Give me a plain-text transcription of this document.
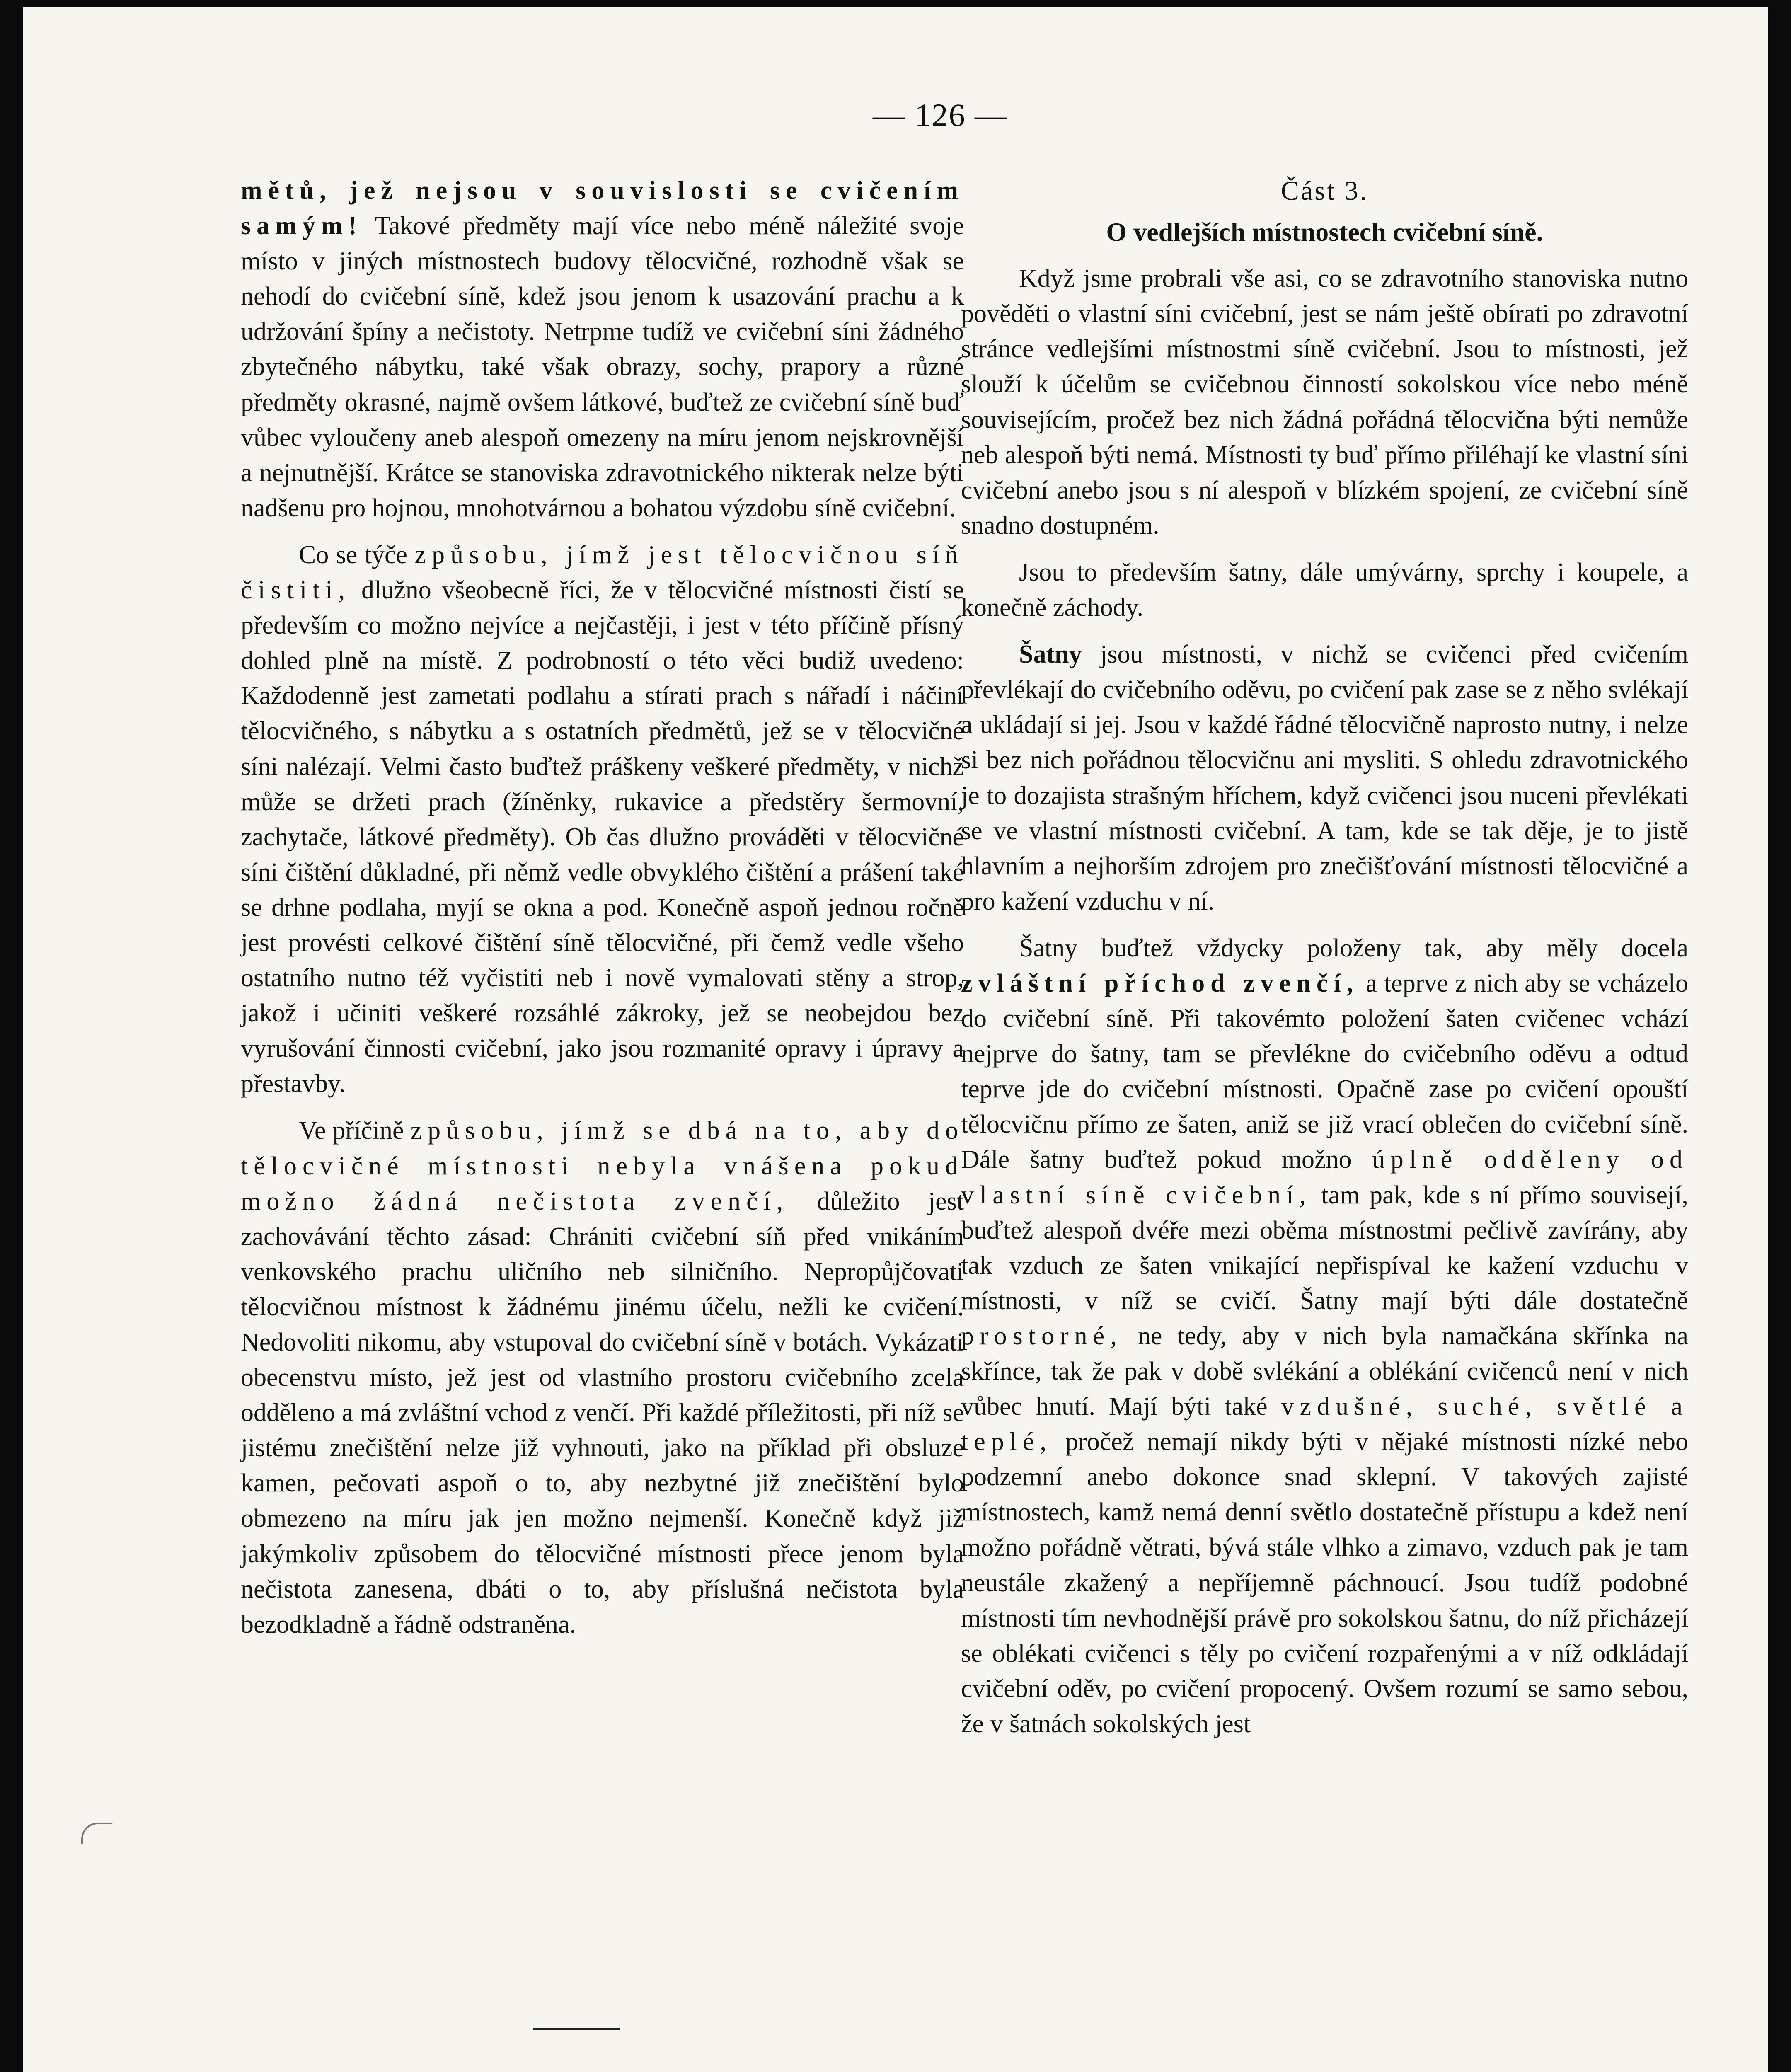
— 126 —

mětů, jež nejsou v souvislosti se cvičením samým! Takové předměty mají více nebo méně náležité svoje místo v jiných místnostech budovy tělocvičné, rozhodně však se nehodí do cvičební síně, kdež jsou jenom k usazování prachu a k udržování špíny a nečistoty. Netrpme tudíž ve cvičební síni žádného zbytečného nábytku, také však obrazy, sochy, prapory a různé předměty okrasné, najmě ovšem látkové, buďtež ze cvičební síně buď vůbec vyloučeny aneb alespoň omezeny na míru jenom nejskrovnější a nejnutnější. Krátce se stanoviska zdravotnického nikterak nelze býti nadšenu pro hojnou, mnohotvárnou a bohatou výzdobu síně cvičební.

Co se týče způsobu, jímž jest tělocvičnou síň čistiti, dlužno všeobecně říci, že v tělocvičné místnosti čistí se především co možno nejvíce a nejčastěji, i jest v této příčině přísný dohled plně na místě. Z podrobností o této věci budiž uvedeno: Každodenně jest zametati podlahu a stírati prach s nářadí i náčiní tělocvičného, s nábytku a s ostatních předmětů, jež se v tělocvičné síni nalézají. Velmi často buďtež práškeny veškeré předměty, v nichž může se držeti prach (žíněnky, rukavice a předstěry šermovní, zachytače, látkové předměty). Ob čas dlužno prováděti v tělocvičné síni čištění důkladné, při němž vedle obvyklého čištění a prášení také se drhne podlaha, myjí se okna a pod. Konečně aspoň jednou ročně jest provésti celkové čištění síně tělocvičné, při čemž vedle všeho ostatního nutno též vyčistiti neb i nově vymalovati stěny a strop, jakož i učiniti veškeré rozsáhlé zákroky, jež se neobejdou bez vyrušování činnosti cvičební, jako jsou rozmanité opravy i úpravy a přestavby.

Ve příčině způsobu, jímž se dbá na to, aby do tělocvičné místnosti nebyla vnášena pokud možno žádná nečistota zvenčí, důležito jest zachovávání těchto zásad: Chrániti cvičební síň před vnikáním venkovského prachu uličního neb silničního. Nepropůjčovati tělocvičnou místnost k žádnému jinému účelu, nežli ke cvičení. Nedovoliti nikomu, aby vstupoval do cvičební síně v botách. Vykázati obecenstvu místo, jež jest od vlastního prostoru cvičebního zcela odděleno a má zvláštní vchod z venčí. Při každé příležitosti, při níž se jistému znečištění nelze již vyhnouti, jako na příklad při obsluze kamen, pečovati aspoň o to, aby nezbytné již znečištění bylo obmezeno na míru jak jen možno nejmenší. Konečně když již jakýmkoliv způsobem do tělocvičné místnosti přece jenom byla nečistota zanesena, dbáti o to, aby příslušná nečistota byla bezodkladně a řádně odstraněna.

Část 3.
O vedlejších místnostech cvičební síně.

Když jsme probrali vše asi, co se zdravotního stanoviska nutno pověděti o vlastní síni cvičební, jest se nám ještě obírati po zdravotní stránce vedlejšími místnostmi síně cvičební. Jsou to místnosti, jež slouží k účelům se cvičebnou činností sokolskou více nebo méně souvisejícím, pročež bez nich žádná pořádná tělocvična býti nemůže neb alespoň býti nemá. Místnosti ty buď přímo přiléhají ke vlastní síni cvičební anebo jsou s ní alespoň v blízkém spojení, ze cvičební síně snadno dostupném.

Jsou to především šatny, dále umývárny, sprchy i koupele, a konečně záchody.

Šatny jsou místnosti, v nichž se cvičenci před cvičením převlékají do cvičebního oděvu, po cvičení pak zase se z něho svlékají a ukládají si jej. Jsou v každé řádné tělocvičně naprosto nutny, i nelze si bez nich pořádnou tělocvičnu ani mysliti. S ohledu zdravotnického je to dozajista strašným hříchem, když cvičenci jsou nuceni převlékati se ve vlastní místnosti cvičební. A tam, kde se tak děje, je to jistě hlavním a nejhorším zdrojem pro znečišťování místnosti tělocvičné a pro kažení vzduchu v ní.

Šatny buďtež vždycky položeny tak, aby měly docela zvláštní příchod zvenčí, a teprve z nich aby se vcházelo do cvičební síně. Při takovémto položení šaten cvičenec vchází nejprve do šatny, tam se převlékne do cvičebního oděvu a odtud teprve jde do cvičební místnosti. Opačně zase po cvičení opouští tělocvičnu přímo ze šaten, aniž se již vrací oblečen do cvičební síně. Dále šatny buďtež pokud možno úplně odděleny od vlastní síně cvičební, tam pak, kde s ní přímo souvisejí, buďtež alespoň dvéře mezi oběma místnostmi pečlivě zavírány, aby tak vzduch ze šaten vnikající nepřispíval ke kažení vzduchu v místnosti, v níž se cvičí. Šatny mají býti dále dostatečně prostorné, ne tedy, aby v nich byla namačkána skřínka na skřínce, tak že pak v době svlékání a oblékání cvičenců není v nich vůbec hnutí. Mají býti také vzdušné, suché, světlé a teplé, pročež nemají nikdy býti v nějaké místnosti nízké nebo podzemní anebo dokonce snad sklepní. V takových zajisté místnostech, kamž nemá denní světlo dostatečně přístupu a kdež není možno pořádně větrati, bývá stále vlhko a zimavo, vzduch pak je tam neustále zkažený a nepříjemně páchnoucí. Jsou tudíž podobné místnosti tím nevhodnější právě pro sokolskou šatnu, do níž přicházejí se oblékati cvičenci s těly po cvičení rozpařenými a v níž odkládají cvičební oděv, po cvičení propocený. Ovšem rozumí se samo sebou, že v šatnách sokolských jest
